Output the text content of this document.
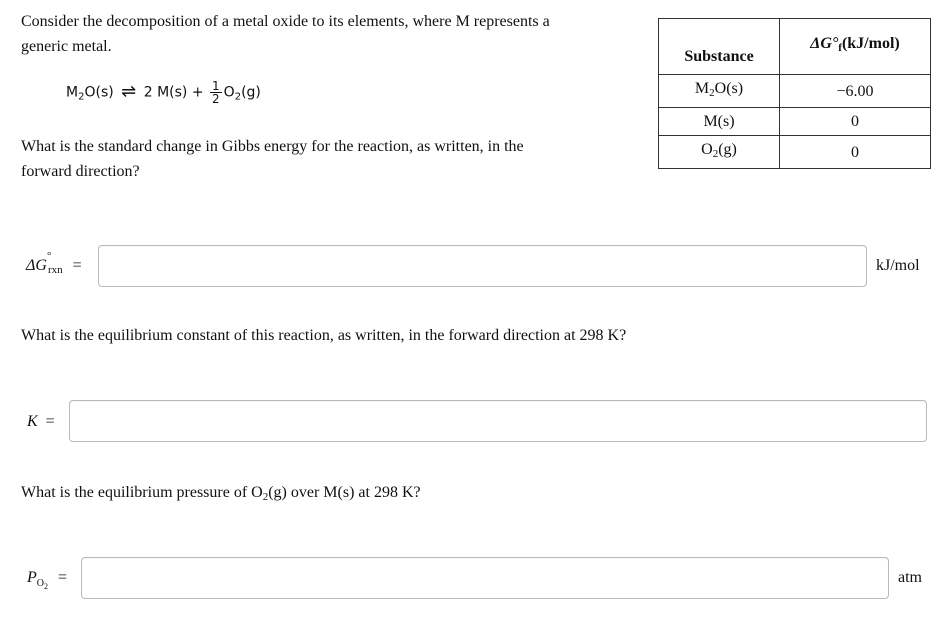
Consider the decomposition of a metal oxide to its elements, where M represents a
generic metal.
$M_2O(s)$ ⇌ 2 $M(s) + \frac{1}{2} O_2(g)$
Substance	$\Delta G^\circ_f(kJ/mol)$
$M_2O(s)$	−6.00
M(s)	0
$O_2(g)$	0
What is the standard change in Gibbs energy for the reaction, as written, in the
forward direction?
ΔG
°
$_{rxn}$ =	kJ/mol
What is the equilibrium constant of this reaction, as written, in the forward direction at 298 K?
K =
What is the equilibrium pressure of $O_2(g)$ over M(s) at 298 K?
$P_{O_2}$ =	atm
